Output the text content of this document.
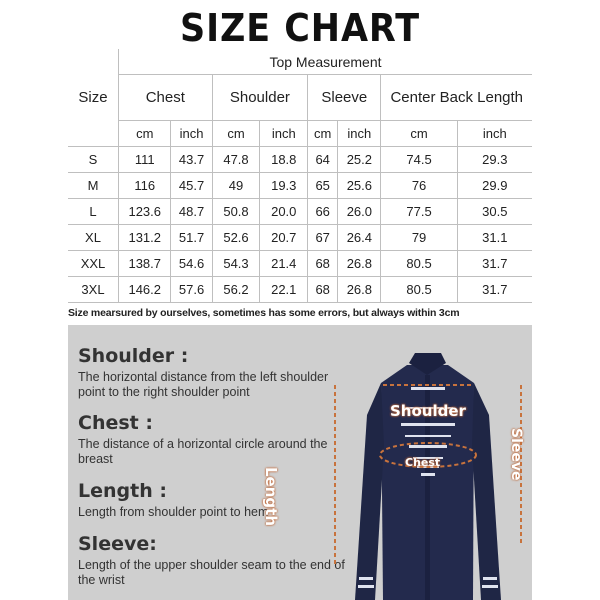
SIZE CHART
Size	Top Measurement							
	Chest		Shoulder		Sleeve		Center Back Length	
	cm	inch	cm	inch	cm	inch	cm	inch
S	111	43.7	47.8	18.8	64	25.2	74.5	29.3
M	116	45.7	49	19.3	65	25.6	76	29.9
L	123.6	48.7	50.8	20.0	66	26.0	77.5	30.5
XL	131.2	51.7	52.6	20.7	67	26.4	79	31.1
XXL	138.7	54.6	54.3	21.4	68	26.8	80.5	31.7
3XL	146.2	57.6	56.2	22.1	68	26.8	80.5	31.7
Size mearsured by ourselves, sometimes has some errors, but always within 3cm
Shoulder :
The horizontal distance from the left shoulder point to the right shoulder point
Chest :
The distance of a horizontal circle around the breast
Length :
Length from shoulder point to hem
Sleeve:
Length of the upper shoulder seam to the end of the wrist
Shoulder
Chest
Length
Sleeve
